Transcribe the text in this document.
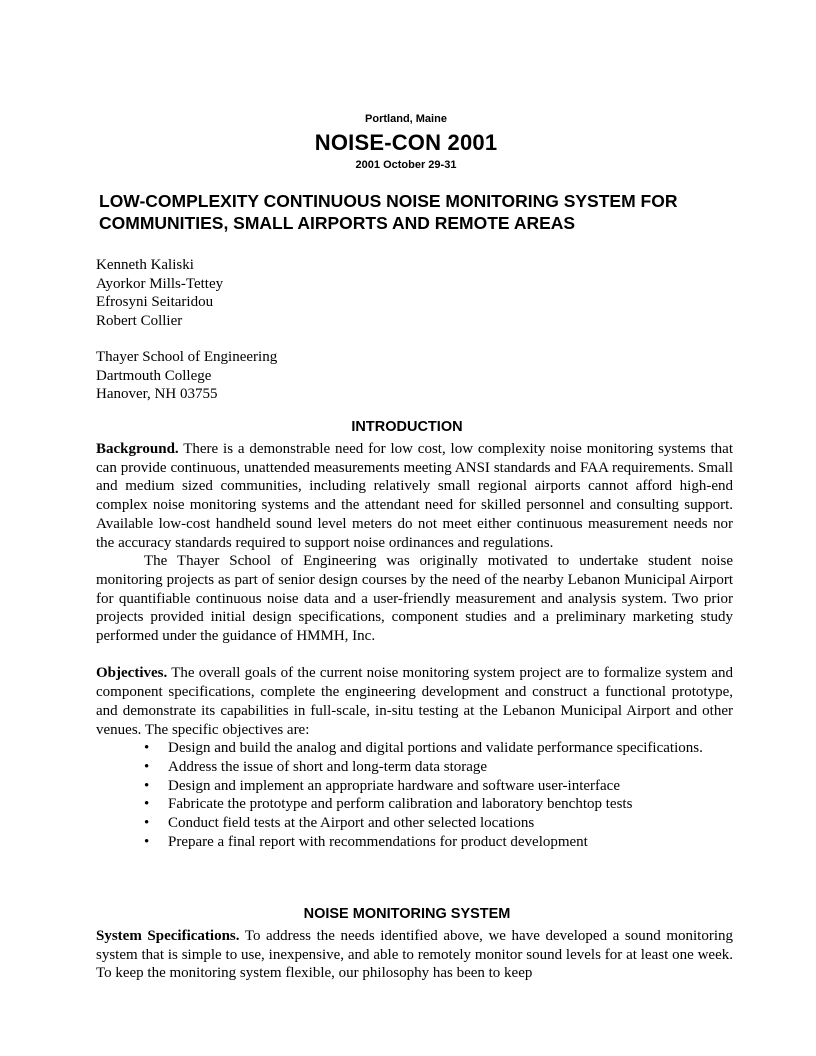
Portland, Maine
NOISE-CON 2001
2001 October 29-31
LOW-COMPLEXITY CONTINUOUS NOISE MONITORING SYSTEM FOR COMMUNITIES, SMALL AIRPORTS AND REMOTE AREAS
Kenneth Kaliski
Ayorkor Mills-Tettey
Efrosyni Seitaridou
Robert Collier
Thayer School of Engineering
Dartmouth College
Hanover, NH 03755
INTRODUCTION

Background. There is a demonstrable need for low cost, low complexity noise monitoring systems that can provide continuous, unattended measurements meeting ANSI standards and FAA requirements. Small and medium sized communities, including relatively small regional airports cannot afford high-end complex noise monitoring systems and the attendant need for skilled personnel and consulting support. Available low-cost handheld sound level meters do not meet either continuous measurement needs nor the accuracy standards required to support noise ordinances and regulations.

The Thayer School of Engineering was originally motivated to undertake student noise monitoring projects as part of senior design courses by the need of the nearby Lebanon Municipal Airport for quantifiable continuous noise data and a user-friendly measurement and analysis system. Two prior projects provided initial design specifications, component studies and a preliminary marketing study performed under the guidance of HMMH, Inc.

Objectives. The overall goals of the current noise monitoring system project are to formalize system and component specifications, complete the engineering development and construct a functional prototype, and demonstrate its capabilities in full-scale, in-situ testing at the Lebanon Municipal Airport and other venues. The specific objectives are:

• Design and build the analog and digital portions and validate performance specifications.
• Address the issue of short and long-term data storage
• Design and implement an appropriate hardware and software user-interface
• Fabricate the prototype and perform calibration and laboratory benchtop tests
• Conduct field tests at the Airport and other selected locations
• Prepare a final report with recommendations for product development
NOISE MONITORING SYSTEM

System Specifications. To address the needs identified above, we have developed a sound monitoring system that is simple to use, inexpensive, and able to remotely monitor sound levels for at least one week. To keep the monitoring system flexible, our philosophy has been to keep
